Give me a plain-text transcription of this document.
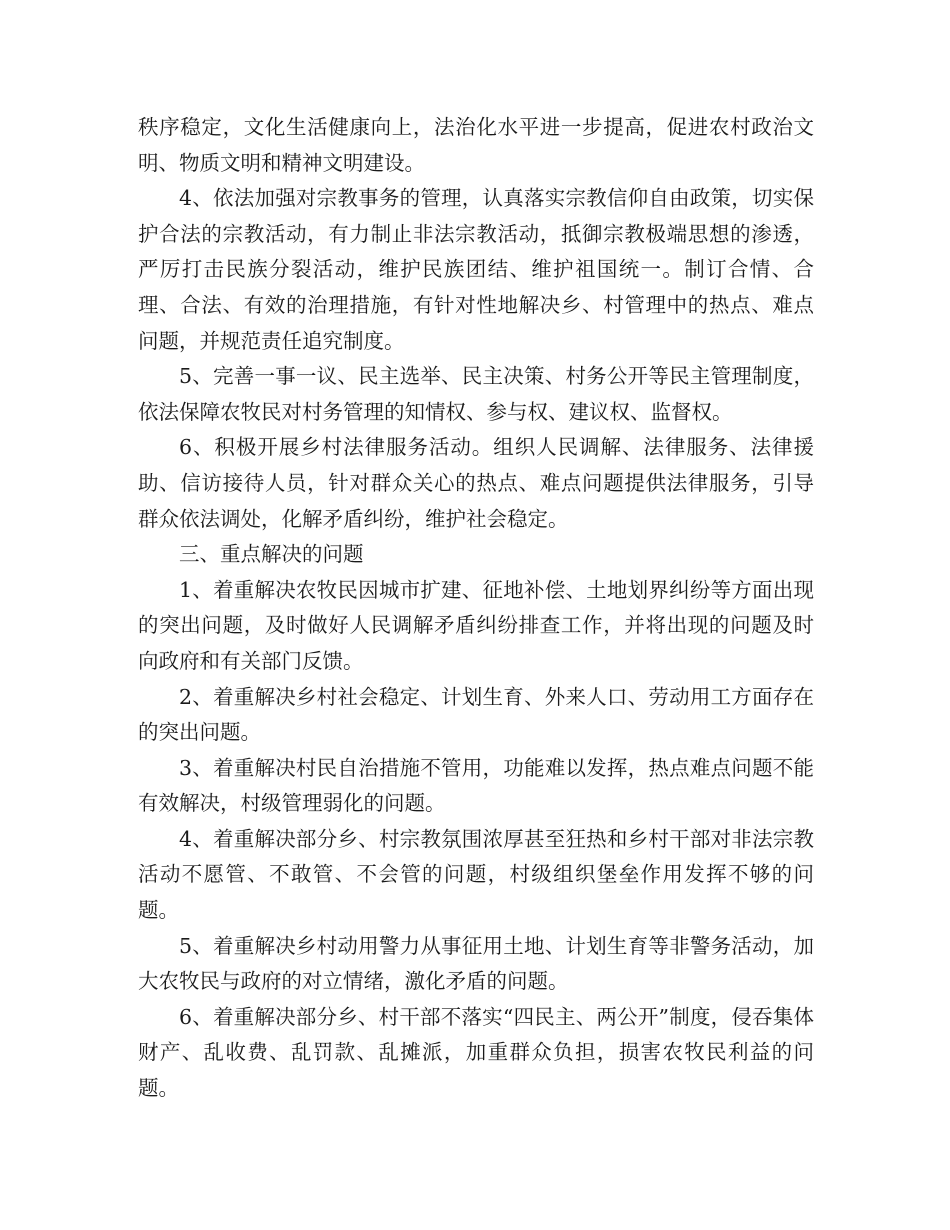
秩序稳定，文化生活健康向上，法治化水平进一步提高，促进农村政治文明、物质文明和精神文明建设。

4、依法加强对宗教事务的管理，认真落实宗教信仰自由政策，切实保护合法的宗教活动，有力制止非法宗教活动，抵御宗教极端思想的渗透，严厉打击民族分裂活动，维护民族团结、维护祖国统一。制订合情、合理、合法、有效的治理措施，有针对性地解决乡、村管理中的热点、难点问题，并规范责任追究制度。

5、完善一事一议、民主选举、民主决策、村务公开等民主管理制度，依法保障农牧民对村务管理的知情权、参与权、建议权、监督权。

6、积极开展乡村法律服务活动。组织人民调解、法律服务、法律援助、信访接待人员，针对群众关心的热点、难点问题提供法律服务，引导群众依法调处，化解矛盾纠纷，维护社会稳定。

三、重点解决的问题

1、着重解决农牧民因城市扩建、征地补偿、土地划界纠纷等方面出现的突出问题，及时做好人民调解矛盾纠纷排查工作，并将出现的问题及时向政府和有关部门反馈。

2、着重解决乡村社会稳定、计划生育、外来人口、劳动用工方面存在的突出问题。

3、着重解决村民自治措施不管用，功能难以发挥，热点难点问题不能有效解决，村级管理弱化的问题。

4、着重解决部分乡、村宗教氛围浓厚甚至狂热和乡村干部对非法宗教活动不愿管、不敢管、不会管的问题，村级组织堡垒作用发挥不够的问题。

5、着重解决乡村动用警力从事征用土地、计划生育等非警务活动，加大农牧民与政府的对立情绪，激化矛盾的问题。

6、着重解决部分乡、村干部不落实“四民主、两公开”制度，侵吞集体财产、乱收费、乱罚款、乱摊派，加重群众负担，损害农牧民利益的问题。
